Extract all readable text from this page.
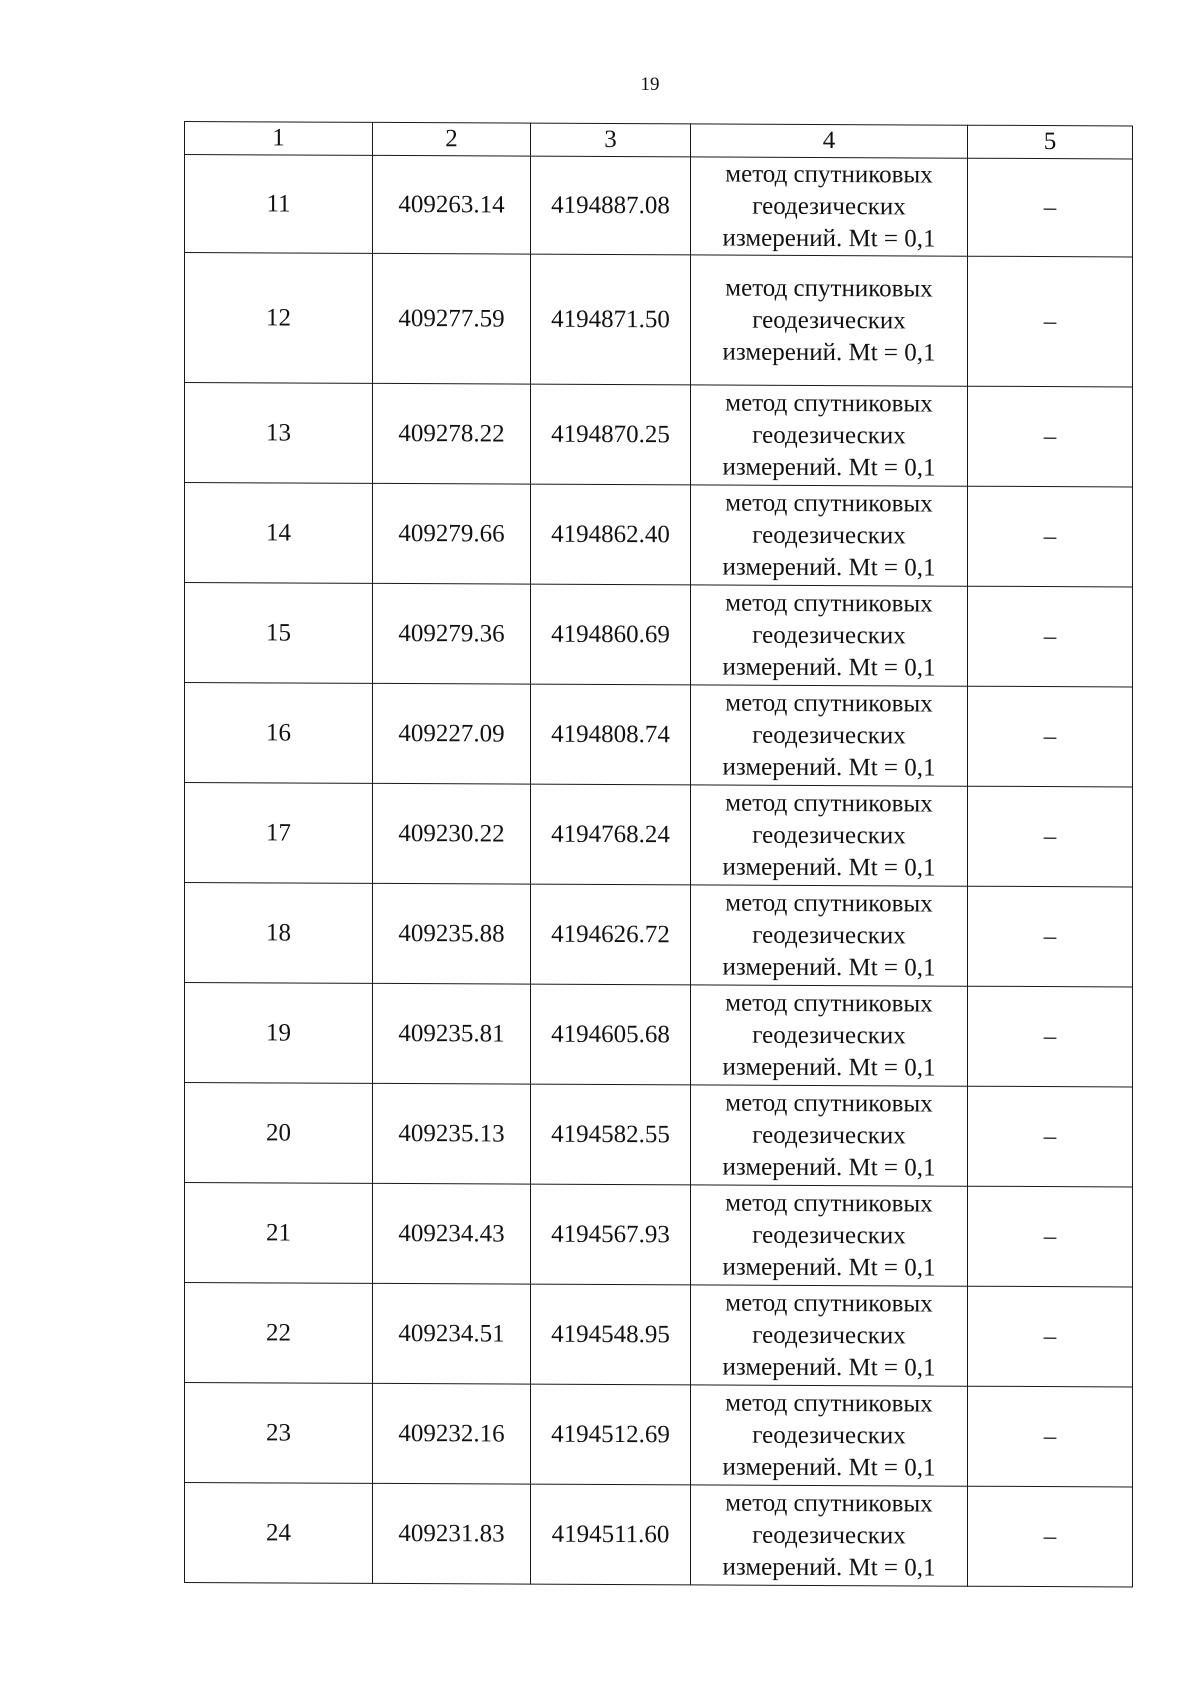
19
1	2	3	4	5
11	409263.14	4194887.08	метод спутниковых геодезических измерений. Mt = 0,1	–
12	409277.59	4194871.50	метод спутниковых геодезических измерений. Mt = 0,1	–
13	409278.22	4194870.25	метод спутниковых геодезических измерений. Mt = 0,1	–
14	409279.66	4194862.40	метод спутниковых геодезических измерений. Mt = 0,1	–
15	409279.36	4194860.69	метод спутниковых геодезических измерений. Mt = 0,1	–
16	409227.09	4194808.74	метод спутниковых геодезических измерений. Mt = 0,1	–
17	409230.22	4194768.24	метод спутниковых геодезических измерений. Mt = 0,1	–
18	409235.88	4194626.72	метод спутниковых геодезических измерений. Mt = 0,1	–
19	409235.81	4194605.68	метод спутниковых геодезических измерений. Mt = 0,1	–
20	409235.13	4194582.55	метод спутниковых геодезических измерений. Mt = 0,1	–
21	409234.43	4194567.93	метод спутниковых геодезических измерений. Mt = 0,1	–
22	409234.51	4194548.95	метод спутниковых геодезических измерений. Mt = 0,1	–
23	409232.16	4194512.69	метод спутниковых геодезических измерений. Mt = 0,1	–
24	409231.83	4194511.60	метод спутниковых геодезических измерений. Mt = 0,1	–
